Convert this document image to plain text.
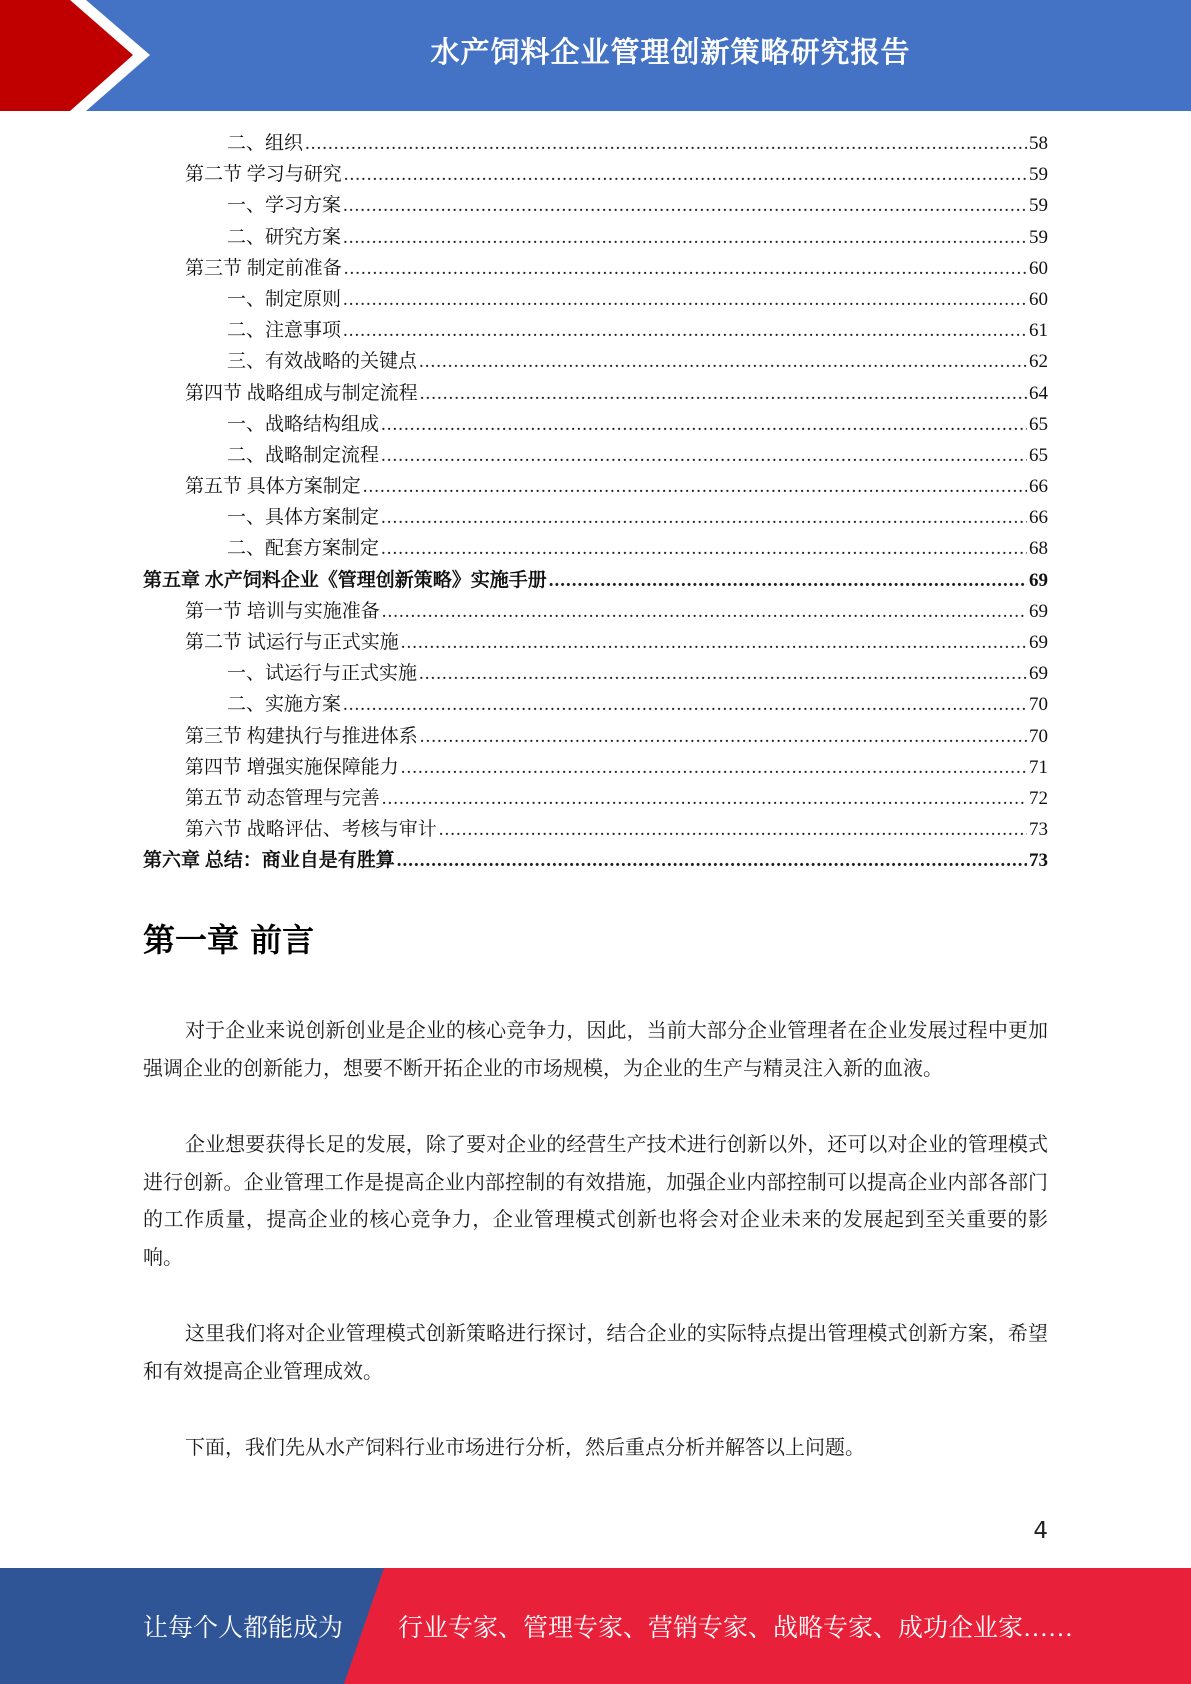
水产饲料企业管理创新策略研究报告
二、组织 .....	58
第二节 学习与研究 .....	59
一、学习方案 .....	59
二、研究方案 .....	59
第三节 制定前准备 .....	60
一、制定原则 .....	60
二、注意事项 .....	61
三、有效战略的关键点 .....	62
第四节 战略组成与制定流程 .....	64
一、战略结构组成 .....	65
二、战略制定流程 .....	65
第五节 具体方案制定 .....	66
一、具体方案制定 .....	66
二、配套方案制定 .....	68
第五章 水产饲料企业《管理创新策略》实施手册 .....	69
第一节 培训与实施准备 .....	69
第二节 试运行与正式实施 .....	69
一、试运行与正式实施 .....	69
二、实施方案 .....	70
第三节 构建执行与推进体系 .....	70
第四节 增强实施保障能力 .....	71
第五节 动态管理与完善 .....	72
第六节 战略评估、考核与审计 .....	73
第六章 总结：商业自是有胜算 .....	73
第一章 前言

对于企业来说创新创业是企业的核心竞争力，因此，当前大部分企业管理者在企业发展过程中更加强调企业的创新能力，想要不断开拓企业的市场规模，为企业的生产与精灵注入新的血液。

企业想要获得长足的发展，除了要对企业的经营生产技术进行创新以外，还可以对企业的管理模式进行创新。企业管理工作是提高企业内部控制的有效措施，加强企业内部控制可以提高企业内部各部门的工作质量，提高企业的核心竞争力，企业管理模式创新也将会对企业未来的发展起到至关重要的影响。

这里我们将对企业管理模式创新策略进行探讨，结合企业的实际特点提出管理模式创新方案，希望和有效提高企业管理成效。

下面，我们先从水产饲料行业市场进行分析，然后重点分析并解答以上问题。

4
让每个人都能成为 行业专家、管理专家、营销专家、战略专家、成功企业家……
